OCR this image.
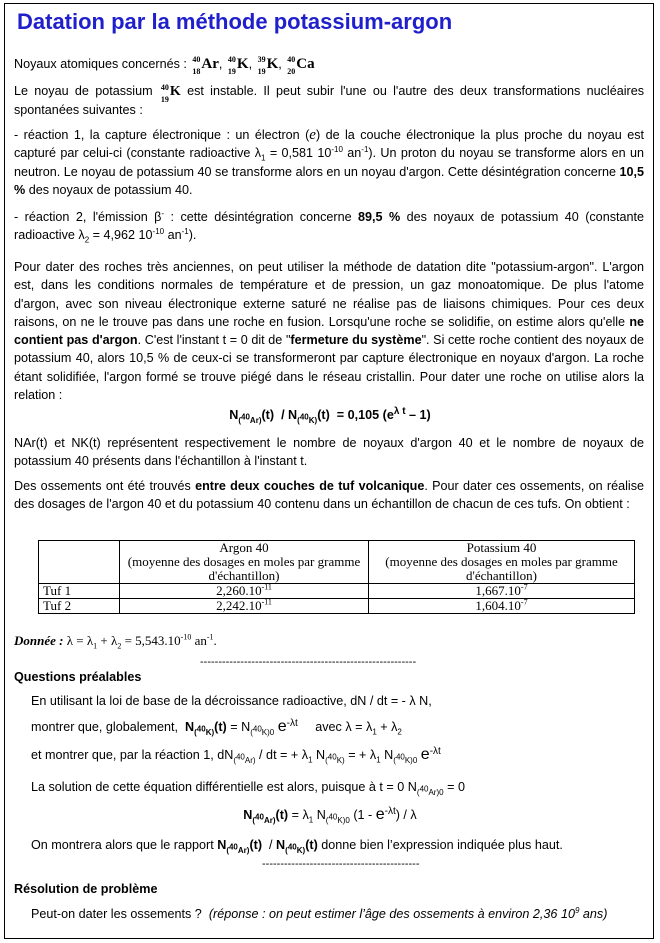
Datation par la méthode potassium-argon
Noyaux atomiques concernés : 40
18 Ar, 40
19 K, 39
19 K, 40
20 Ca
Le noyau de potassium 40
19
K est instable. Il peut subir l'une ou l'autre des deux transformations nucléaires spontanées suivantes :
- réaction 1, la capture électronique : un électron (e) de la couche électronique la plus proche du noyau est capturé par celui-ci (constante radioactive $\lambda_1 = 0,581$ $10^{-10}$ $an^{-1}$). Un proton du noyau se transforme alors en un neutron. Le noyau de potassium 40 se transforme alors en un noyau d'argon. Cette désintégration concerne 10,5 % des noyaux de potassium 40.
- réaction 2, l'émission β- : cette désintégration concerne 89,5 % des noyaux de potassium 40 (constante radioactive $\lambda_2 = 4,962$ $10^{-10}$ $an^{-1}$).
Pour dater des roches très anciennes, on peut utiliser la méthode de datation dite "potassium-argon". L'argon est, dans les conditions normales de température et de pression, un gaz monoatomique. De plus l'atome d'argon, avec son niveau électronique externe saturé ne réalise pas de liaisons chimiques. Pour ces deux raisons, on ne le trouve pas dans une roche en fusion. Lorsqu'une roche se solidifie, on estime alors qu'elle ne contient pas d'argon. C'est l'instant t = 0 dit de "fermeture du système". Si cette roche contient des noyaux de potassium 40, alors 10,5 % de ceux-ci se transformeront par capture électronique en noyaux d'argon. La roche étant solidifiée, l'argon formé se trouve piégé dans le réseau cristallin. Pour dater une roche on utilise alors la relation :
$N_{(^{40}Ar)}(t) / N_{(^{40}K)}(t) = 0,105$ $(e^{\lambda t} - 1)$
NAr(t) et NK(t) représentent respectivement le nombre de noyaux d'argon 40 et le nombre de noyaux de potassium 40 présents dans l'échantillon à l'instant t.
Des ossements ont été trouvés entre deux couches de tuf volcanique. Pour dater ces ossements, on réalise des dosages de l'argon 40 et du potassium 40 contenu dans un échantillon de chacun de ces tufs. On obtient :
	Argon 40
(moyenne des dosages en moles par gramme d'échantillon)	Potassium 40
(moyenne des dosages en moles par gramme d'échantillon)
Tuf 1	$2,260.10^{-11}$	$1,667.10^{-7}$
Tuf 2	$2,242.10^{-11}$	$1,604.10^{-7}$
Donnée : $\lambda = \lambda_1 + \lambda_2 = 5,543.10^{-10}$ $an^{-1}$.
-----------------------------------------------------------
Questions préalables
En utilisant la loi de base de la décroissance radioactive, dN / dt = - λ N,
montrer que, globalement, $N_{(^{40}K)}(t) = N_{(^{40}K)0}$ $e^{-\lambda t}$ avec $\lambda = \lambda_1 + \lambda_2$
et montrer que, par la réaction 1, $dN_{(^{40}Ar)}$ / dt = + $\lambda_1$ $N_{(^{40}K)}$ = + $\lambda_1$ $N_{(^{40}K)0}$ $e^{-\lambda t}$
La solution de cette équation différentielle est alors, puisque à t = 0 $N_{(^{40}Ar)0} = 0$
$N_{(^{40}Ar)}(t) = \lambda_1$ $N_{(^{40}K)0}$ $(1 - e^{-\lambda t})$ / λ
On montrera alors que le rapport $N_{(^{40}Ar)}(t) / N_{(^{40}K)}(t)$ donne bien l’expression indiquée plus haut.
-------------------------------------------
Résolution de problème
Peut-on dater les ossements ? (réponse : on peut estimer l’âge des ossements à environ 2,36 $10^9$ ans)
